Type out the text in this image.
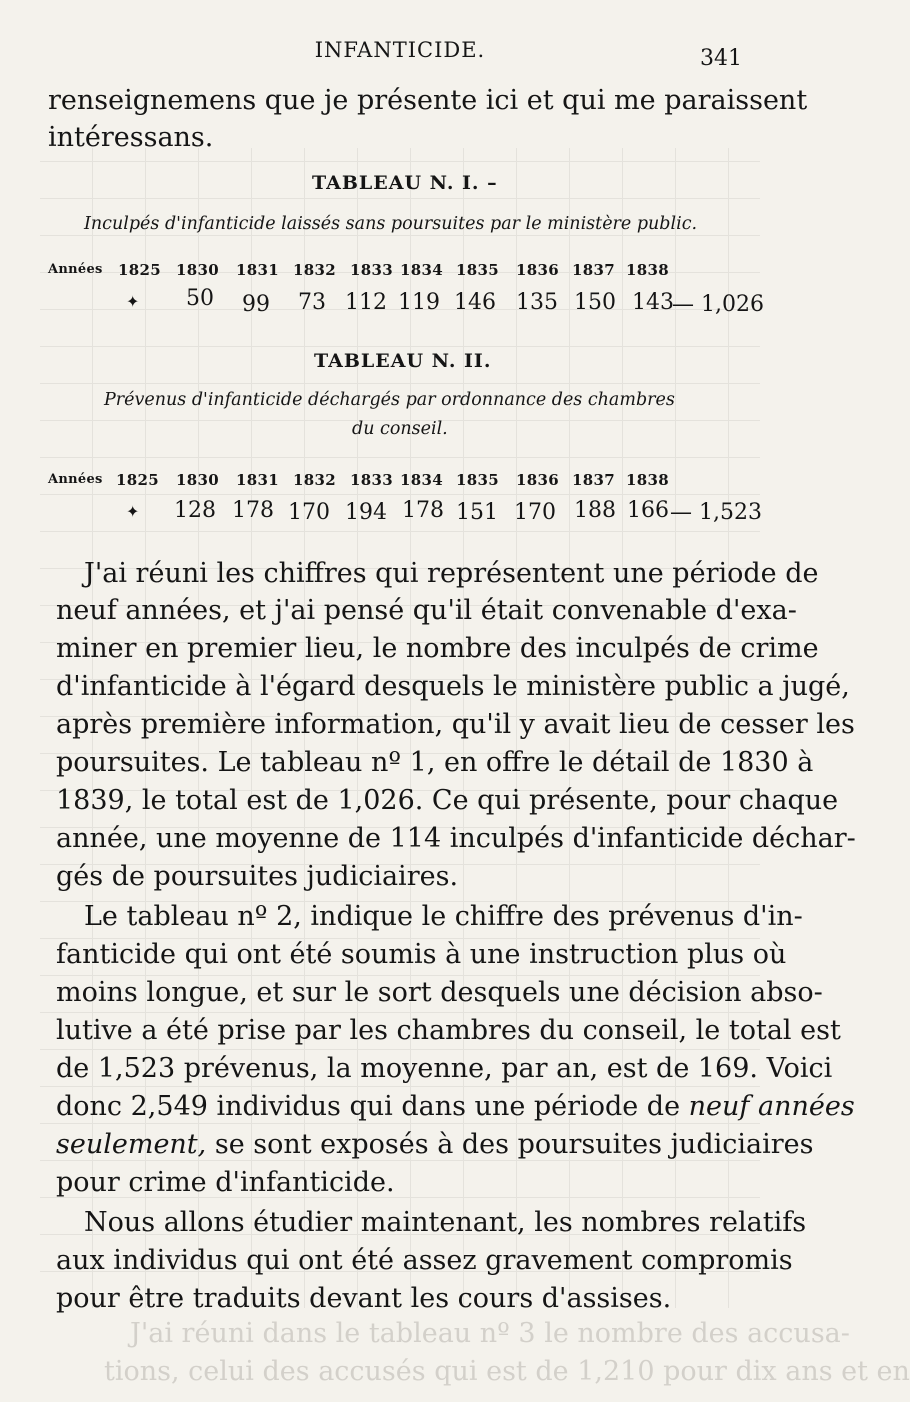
INFANTICIDE.	341
renseignemens que je présente ici et qui me paraissent
intéressans.
TABLEAU N. I. –
Inculpés d'infanticide laissés sans poursuites par le ministère public.
Années 1825 1830 1831 1832 1833 1834 1835 1836 1837 1838
✦ 50 99 73 112 119 146 135 150 143
— 1,026
TABLEAU N. II.
Prévenus d'infanticide déchargés par ordonnance des chambres
du conseil.
Années 1825 1830 1831 1832 1833 1834 1835 1836 1837 1838
✦ 128 178 170 194 178 151 170 188 166 — 1,523
J'ai réuni les chiffres qui représentent une période de
neuf années, et j'ai pensé qu'il était convenable d'exa-
miner en premier lieu, le nombre des inculpés de crime
d'infanticide à l'égard desquels le ministère public a jugé,
après première information, qu'il y avait lieu de cesser les
poursuites. Le tableau nº 1, en offre le détail de 1830 à
1839, le total est de 1,026. Ce qui présente, pour chaque
année, une moyenne de 114 inculpés d'infanticide déchar-
gés de poursuites judiciaires.
Le tableau nº 2, indique le chiffre des prévenus d'in-
fanticide qui ont été soumis à une instruction plus où
moins longue, et sur le sort desquels une décision abso-
lutive a été prise par les chambres du conseil, le total est
de 1,523 prévenus, la moyenne, par an, est de 169. Voici
donc 2,549 individus qui dans une période de neuf années
seulement, se sont exposés à des poursuites judiciaires
pour crime d'infanticide.
Nous allons étudier maintenant, les nombres relatifs
aux individus qui ont été assez gravement compromis
pour être traduits devant les cours d'assises.
J'ai réuni dans le tableau nº 3 le nombre des accusa-
tions, celui des accusés qui est de 1,210 pour dix ans et en
